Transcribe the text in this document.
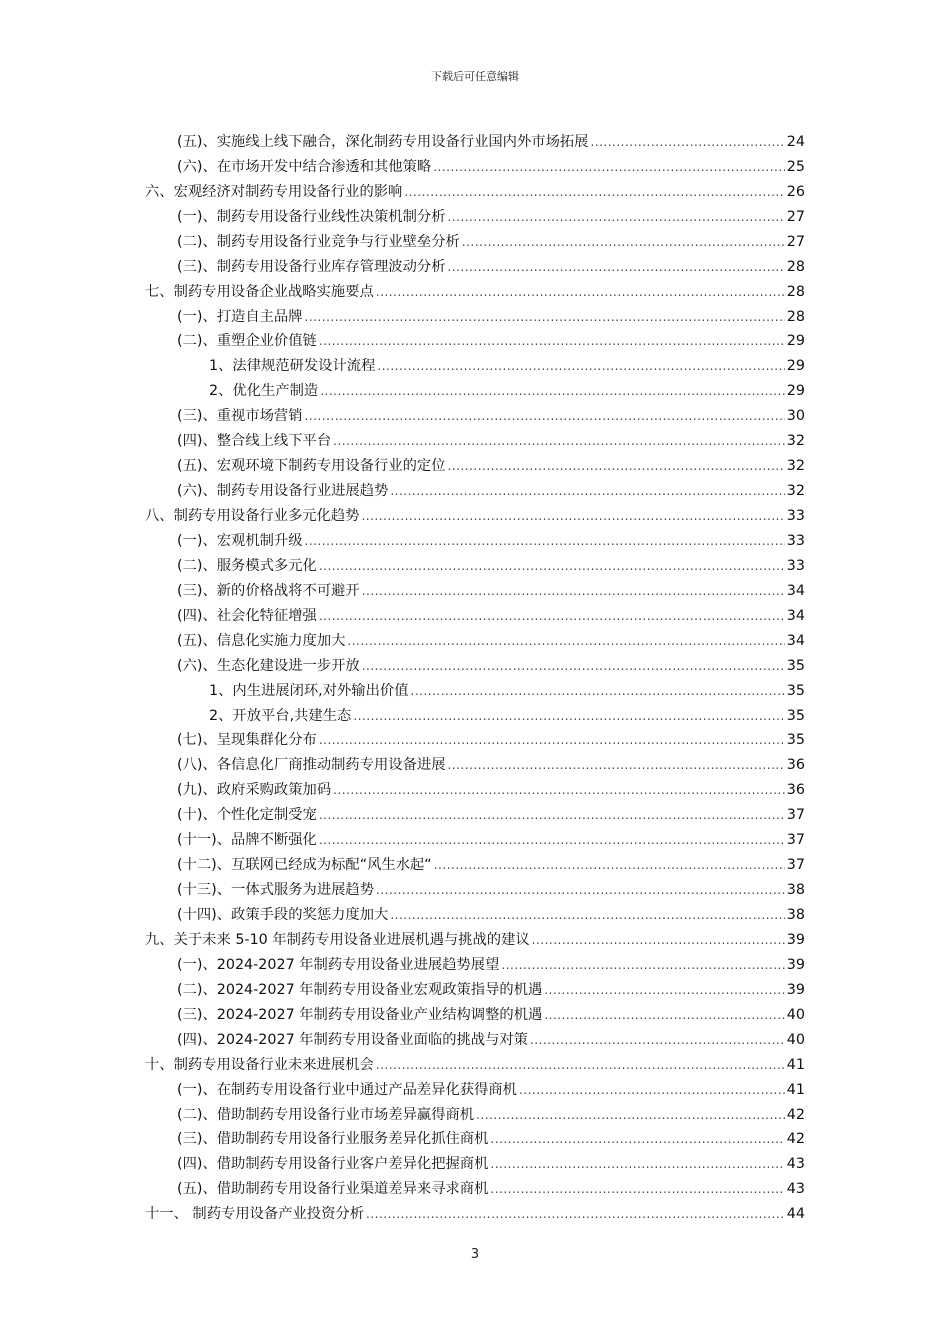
下载后可任意编辑
(五)、实施线上线下融合，深化制药专用设备行业国内外市场拓展 .....	24
(六)、在市场开发中结合渗透和其他策略 .....	25
六、宏观经济对制药专用设备行业的影响 .....	26
(一)、制药专用设备行业线性决策机制分析 .....	27
(二)、制药专用设备行业竞争与行业壁垒分析 .....	27
(三)、制药专用设备行业库存管理波动分析 .....	28
七、制药专用设备企业战略实施要点 .....	28
(一)、打造自主品牌 .....	28
(二)、重塑企业价值链 .....	29
1、法律规范研发设计流程 .....	29
2、优化生产制造 .....	29
(三)、重视市场营销 .....	30
(四)、整合线上线下平台 .....	32
(五)、宏观环境下制药专用设备行业的定位 .....	32
(六)、制药专用设备行业进展趋势 .....	32
八、制药专用设备行业多元化趋势 .....	33
(一)、宏观机制升级 .....	33
(二)、服务模式多元化 .....	33
(三)、新的价格战将不可避开 .....	34
(四)、社会化特征增强 .....	34
(五)、信息化实施力度加大 .....	34
(六)、生态化建设进一步开放 .....	35
1、内生进展闭环,对外输出价值 .....	35
2、开放平台,共建生态 .....	35
(七)、呈现集群化分布 .....	35
(八)、各信息化厂商推动制药专用设备进展 .....	36
(九)、政府采购政策加码 .....	36
(十)、个性化定制受宠 .....	37
(十一)、品牌不断强化 .....	37
(十二)、互联网已经成为标配“风生水起“ .....	37
(十三)、一体式服务为进展趋势 .....	38
(十四)、政策手段的奖惩力度加大 .....	38
九、关于未来 5-10 年制药专用设备业进展机遇与挑战的建议 .....	39
(一)、2024-2027 年制药专用设备业进展趋势展望 .....	39
(二)、2024-2027 年制药专用设备业宏观政策指导的机遇 .....	39
(三)、2024-2027 年制药专用设备业产业结构调整的机遇 .....	40
(四)、2024-2027 年制药专用设备业面临的挑战与对策 .....	40
十、制药专用设备行业未来进展机会 .....	41
(一)、在制药专用设备行业中通过产品差异化获得商机 .....	41
(二)、借助制药专用设备行业市场差异赢得商机 .....	42
(三)、借助制药专用设备行业服务差异化抓住商机 .....	42
(四)、借助制药专用设备行业客户差异化把握商机 .....	43
(五)、借助制药专用设备行业渠道差异来寻求商机 .....	43
十一、 制药专用设备产业投资分析 .....	44
3
